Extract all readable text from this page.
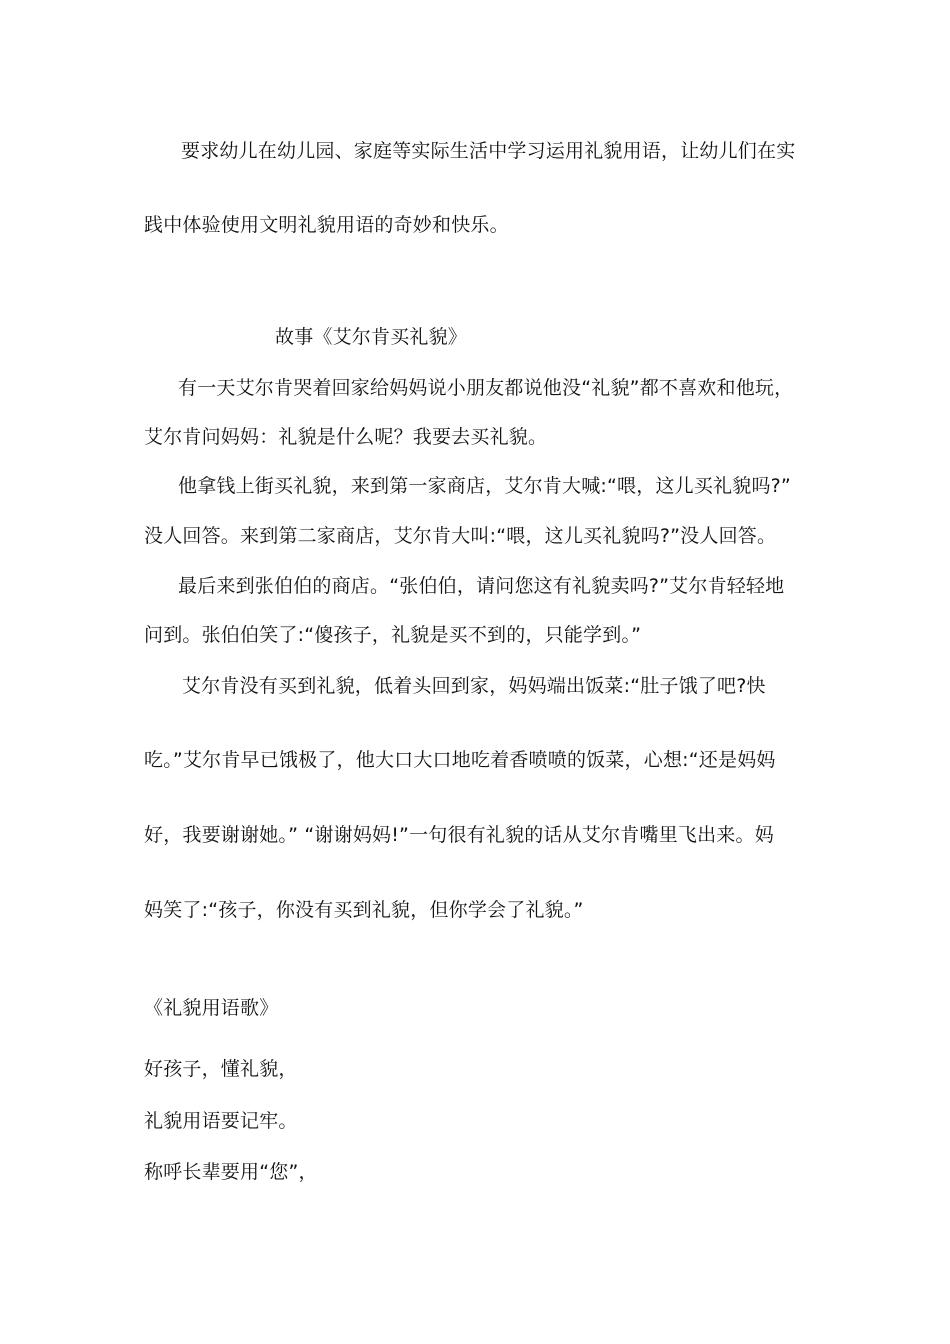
要求幼儿在幼儿园、家庭等实际生活中学习运用礼貌用语，让幼儿们在实
践中体验使用文明礼貌用语的奇妙和快乐。
故事《艾尔肯买礼貌》
有一天艾尔肯哭着回家给妈妈说小朋友都说他没“礼貌”都不喜欢和他玩，
艾尔肯问妈妈：礼貌是什么呢？我要去买礼貌。
他拿钱上街买礼貌，来到第一家商店，艾尔肯大喊:“喂，这儿买礼貌吗?”
没人回答。来到第二家商店，艾尔肯大叫:“喂，这儿买礼貌吗?”没人回答。
最后来到张伯伯的商店。“张伯伯，请问您这有礼貌卖吗?”艾尔肯轻轻地
问到。张伯伯笑了:“傻孩子，礼貌是买不到的，只能学到。”
艾尔肯没有买到礼貌，低着头回到家，妈妈端出饭菜:“肚子饿了吧?快
吃。”艾尔肯早已饿极了，他大口大口地吃着香喷喷的饭菜，心想:“还是妈妈
好，我要谢谢她。” “谢谢妈妈!”一句很有礼貌的话从艾尔肯嘴里飞出来。妈
妈笑了:“孩子，你没有买到礼貌，但你学会了礼貌。”
《礼貌用语歌》
好孩子，懂礼貌，
礼貌用语要记牢。
称呼长辈要用“您”，
